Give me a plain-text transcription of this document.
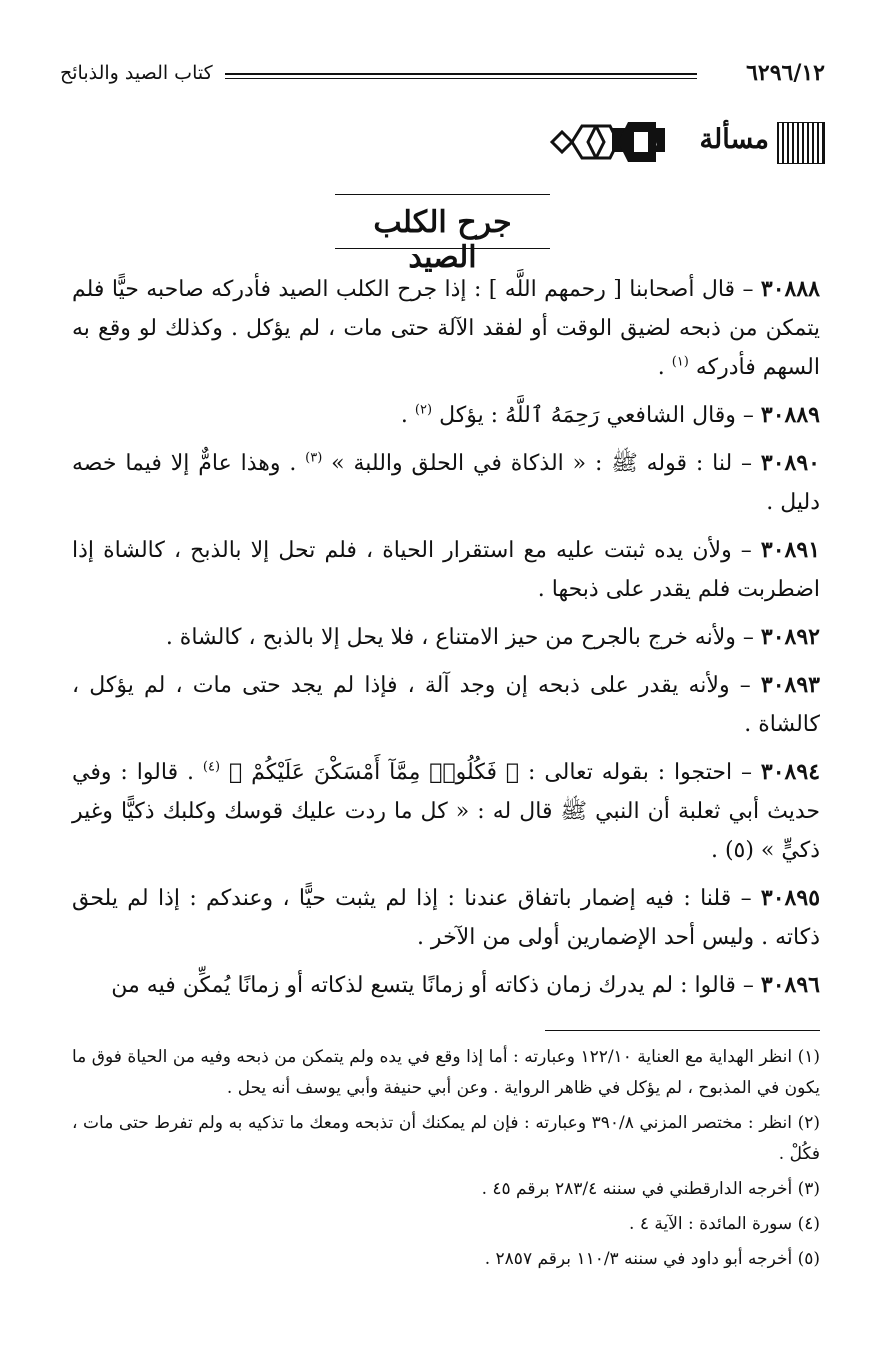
٦٢٩٦/١٢
كتاب الصيد والذبائح
مسألة
جرح الكلب الصيد

٣٠٨٨٨ – قال أصحابنا [ رحمهم اللَّه ] : إذا جرح الكلب الصيد فأدركه صاحبه حيًّا فلم يتمكن من ذبحه لضيق الوقت أو لفقد الآلة حتى مات ، لم يؤكل . وكذلك لو وقع به السهم فأدركه $^{(١)}$ .

٣٠٨٨٩ – وقال الشافعي رَحِمَهُ ٱللَّهُ : يؤكل $^{(٢)}$ .

٣٠٨٩٠ – لنا : قوله ﷺ : « الذكاة في الحلق واللبة » $^{(٣)}$ . وهذا عامٌّ إلا فيما خصه دليل .

٣٠٨٩١ – ولأن يده ثبتت عليه مع استقرار الحياة ، فلم تحل إلا بالذبح ، كالشاة إذا اضطربت فلم يقدر على ذبحها .

٣٠٨٩٢ – ولأنه خرج بالجرح من حيز الامتناع ، فلا يحل إلا بالذبح ، كالشاة .

٣٠٨٩٣ – ولأنه يقدر على ذبحه إن وجد آلة ، فإذا لم يجد حتى مات ، لم يؤكل ، كالشاة .

٣٠٨٩٤ – احتجوا : بقوله تعالى : ﴿ فَكُلُوا۟ مِمَّآ أَمْسَكْنَ عَلَيْكُمْ ﴾ $^{(٤)}$ . قالوا : وفي حديث أبي ثعلبة أن النبي ﷺ قال له : « كل ما ردت عليك قوسك وكلبك ذكيًّا وغير ذكيٍّ » (٥) .

٣٠٨٩٥ – قلنا : فيه إضمار باتفاق عندنا : إذا لم يثبت حيًّا ، وعندكم : إذا لم يلحق ذكاته . وليس أحد الإضمارين أولى من الآخر .

٣٠٨٩٦ – قالوا : لم يدرك زمان ذكاته أو زمانًا يتسع لذكاته أو زمانًا يُمكِّن فيه من

(١) انظر الهداية مع العناية ١٢٢/١٠ وعبارته : أما إذا وقع في يده ولم يتمكن من ذبحه وفيه من الحياة فوق ما يكون في المذبوح ، لم يؤكل في ظاهر الرواية . وعن أبي حنيفة وأبي يوسف أنه يحل .

(٢) انظر : مختصر المزني ٣٩٠/٨ وعبارته : فإن لم يمكنك أن تذبحه ومعك ما تذكيه به ولم تفرط حتى مات ، فكُلْ .

(٣) أخرجه الدارقطني في سننه ٢٨٣/٤ برقم ٤٥ .

(٤) سورة المائدة : الآية ٤ .

(٥) أخرجه أبو داود في سننه ١١٠/٣ برقم ٢٨٥٧ .
